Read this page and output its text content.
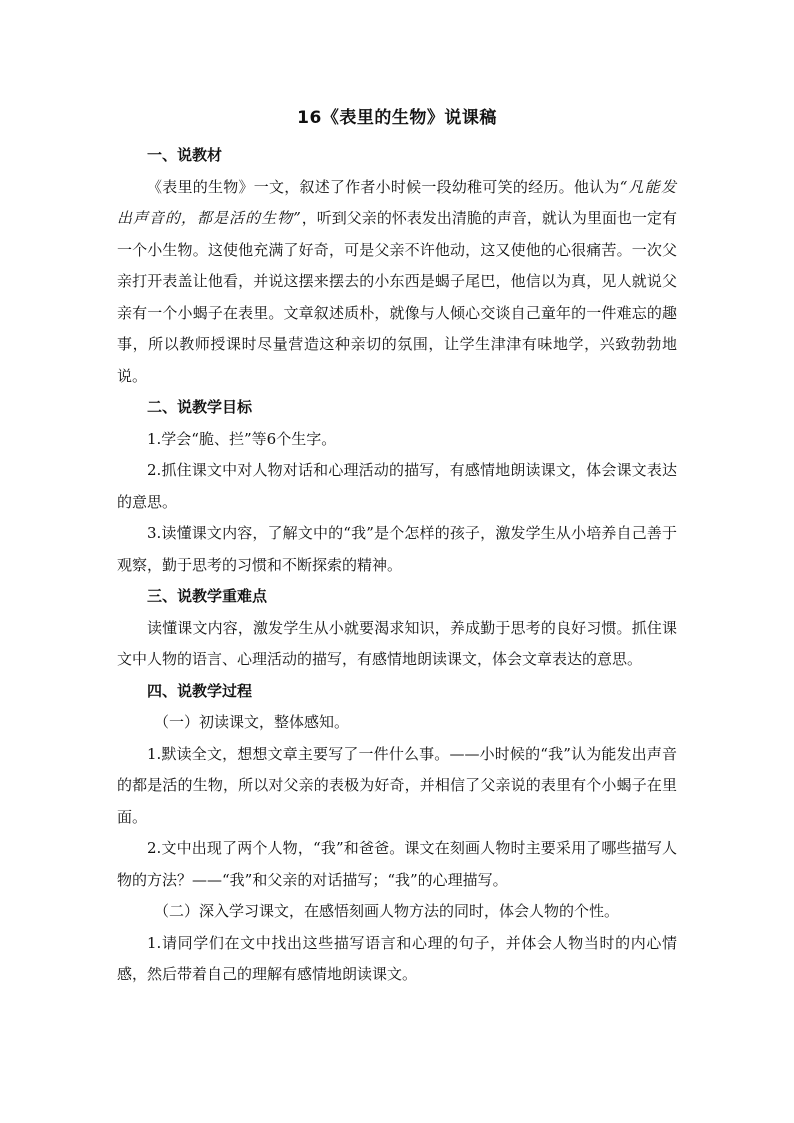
16《表里的生物》说课稿
一、说教材

《表里的生物》一文，叙述了作者小时候一段幼稚可笑的经历。他认为“凡能发出声音的，都是活的生物”，听到父亲的怀表发出清脆的声音，就认为里面也一定有一个小生物。这使他充满了好奇，可是父亲不许他动，这又使他的心很痛苦。一次父亲打开表盖让他看，并说这摆来摆去的小东西是蝎子尾巴，他信以为真，见人就说父亲有一个小蝎子在表里。文章叙述质朴，就像与人倾心交谈自己童年的一件难忘的趣事，所以教师授课时尽量营造这种亲切的氛围，让学生津津有味地学，兴致勃勃地说。

二、说教学目标

1.学会“脆、拦”等6个生字。

2.抓住课文中对人物对话和心理活动的描写，有感情地朗读课文，体会课文表达的意思。

3.读懂课文内容，了解文中的“我”是个怎样的孩子，激发学生从小培养自己善于观察，勤于思考的习惯和不断探索的精神。

三、说教学重难点

读懂课文内容，激发学生从小就要渴求知识，养成勤于思考的良好习惯。抓住课文中人物的语言、心理活动的描写，有感情地朗读课文，体会文章表达的意思。

四、说教学过程

（一）初读课文，整体感知。

1.默读全文，想想文章主要写了一件什么事。——小时候的“我”认为能发出声音的都是活的生物，所以对父亲的表极为好奇，并相信了父亲说的表里有个小蝎子在里面。

2.文中出现了两个人物，“我”和爸爸。课文在刻画人物时主要采用了哪些描写人物的方法？——“我”和父亲的对话描写；“我”的心理描写。

（二）深入学习课文，在感悟刻画人物方法的同时，体会人物的个性。

1.请同学们在文中找出这些描写语言和心理的句子，并体会人物当时的内心情感，然后带着自己的理解有感情地朗读课文。
